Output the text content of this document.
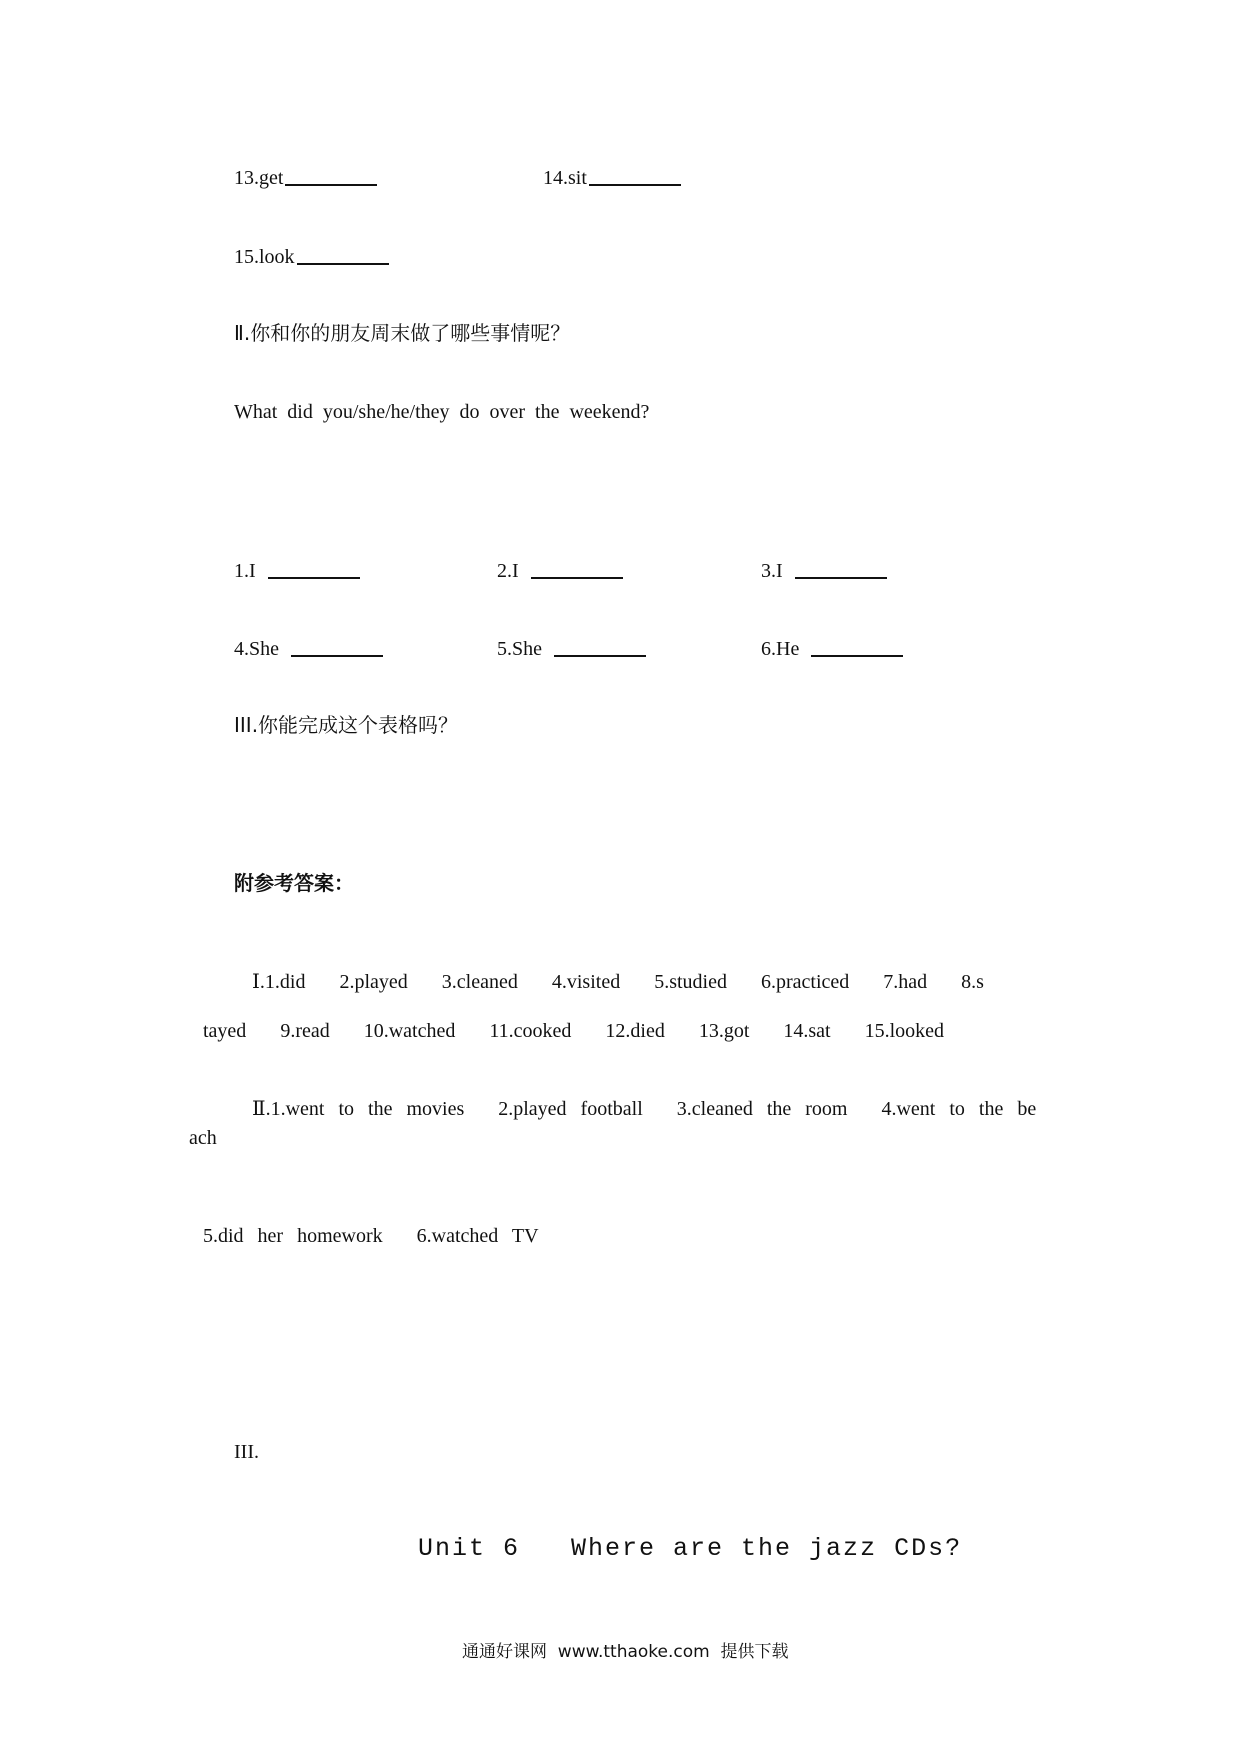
13.get	14.sit
15.look
Ⅱ.你和你的朋友周末做了哪些事情呢？
What  did  you/she/he/they  do  over  the  weekend?
1.I	2.I	3.I
4.She	5.She	6.He
III.你能完成这个表格吗？
附参考答案：

Ⅰ.1.did 2.played 3.cleaned 4.visited 5.studied 6.practiced 7.had 8.s

tayed 9.read 10.watched 11.cooked 12.died 13.got 14.sat 15.looked

Ⅱ.1.went  to  the  movies 2.played  football 3.cleaned  the  room 4.went  to  the  be

ach

5.did  her  homework 6.watched  TV

III.
Unit 6   Where are the jazz CDs?
通通好课网  www.tthaoke.com  提供下载
